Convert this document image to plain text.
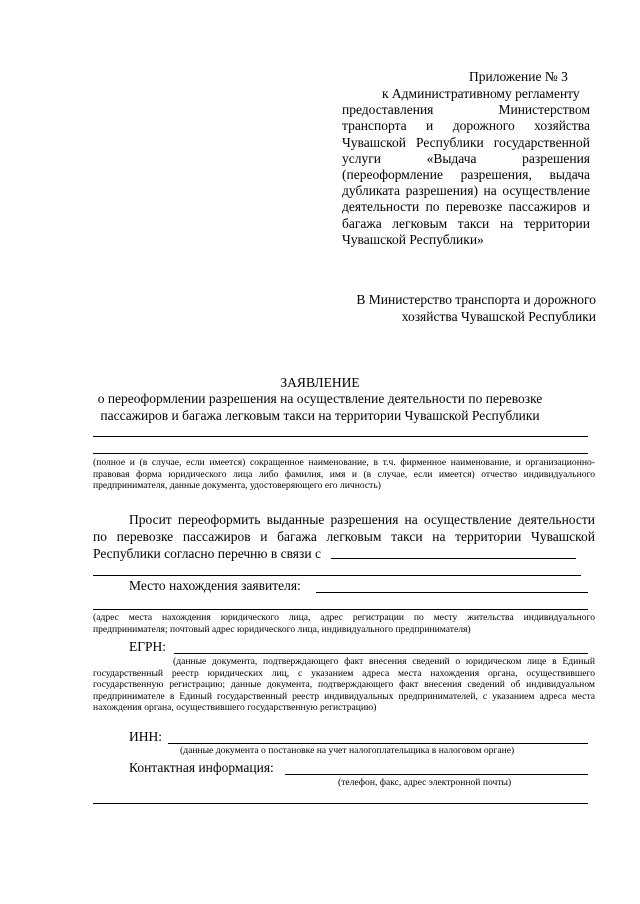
Приложение № 3
к Административному регламенту
предоставления Министерством транспорта и дорожного хозяйства Чувашской Республики государственной услуги «Выдача разрешения (переоформление разрешения, выдача дубликата разрешения) на осуществление деятельности по перевозке пассажиров и багажа легковым такси на территории Чувашской Республики»
В Министерство транспорта и дорожного хозяйства Чувашской Республики
ЗАЯВЛЕНИЕ
о переоформлении разрешения на осуществление деятельности по перевозке пассажиров и багажа легковым такси на территории Чувашской Республики
(полное и (в случае, если имеется) сокращенное наименование, в т.ч. фирменное наименование, и организационно-правовая форма юридического лица либо фамилия, имя и (в случае, если имеется) отчество индивидуального предпринимателя, данные документа, удостоверяющего его личность)
Просит переоформить выданные разрешения на осуществление деятельности по перевозке пассажиров и багажа легковым такси на территории Чувашской Республики согласно перечню в связи с
Место нахождения заявителя:
(адрес места нахождения юридического лица, адрес регистрации по месту жительства индивидуального предпринимателя; почтовый адрес юридического лица, индивидуального предпринимателя)
ЕГРН:
(данные документа, подтверждающего факт внесения сведений о юридическом лице в Единый государственный реестр юридических лиц, с указанием адреса места нахождения органа, осуществившего государственную регистрацию; данные документа, подтверждающего факт внесения сведений об индивидуальном предпринимателе в Единый государственный реестр индивидуальных предпринимателей, с указанием адреса места нахождения органа, осуществившего государственную регистрацию)
ИНН:
(данные документа о постановке на учет налогоплательщика в налоговом органе)
Контактная информация:
(телефон, факс, адрес электронной почты)
